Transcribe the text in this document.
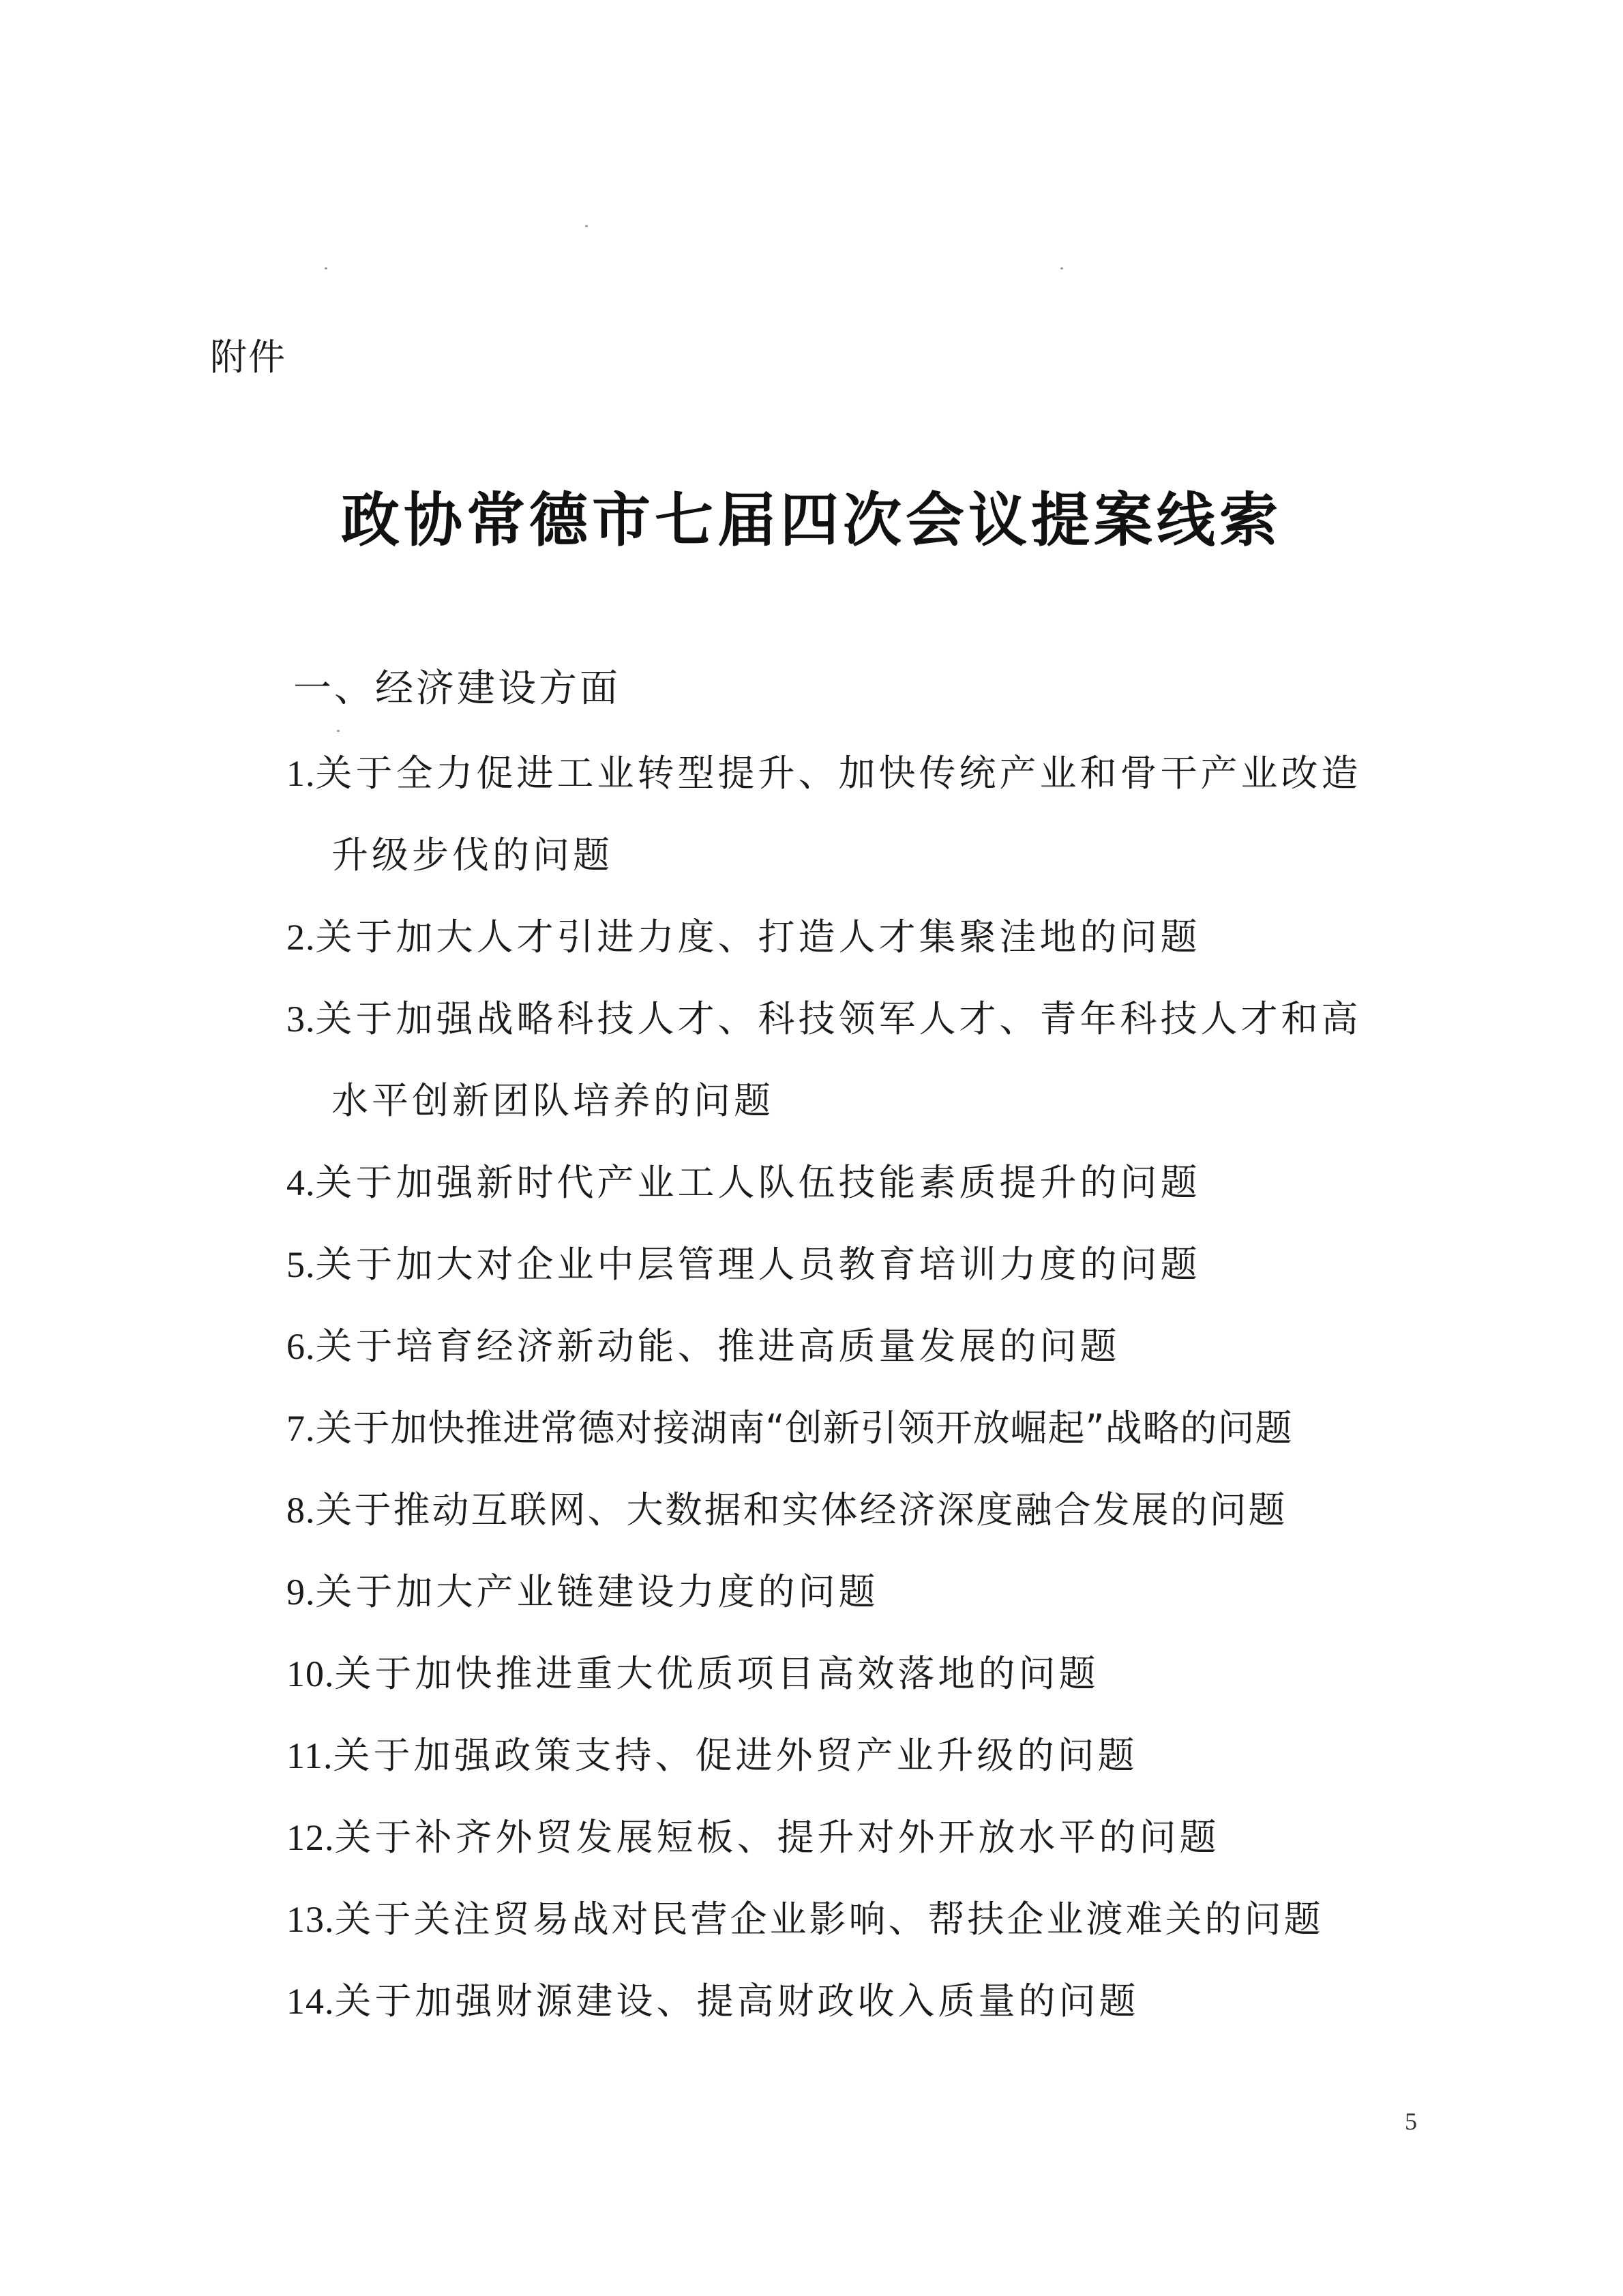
附件
政协常德市七届四次会议提案线索
一、经济建设方面
1.关于全力促进工业转型提升、加快传统产业和骨干产业改造
升级步伐的问题
2.关于加大人才引进力度、打造人才集聚洼地的问题
3.关于加强战略科技人才、科技领军人才、青年科技人才和高
水平创新团队培养的问题
4.关于加强新时代产业工人队伍技能素质提升的问题
5.关于加大对企业中层管理人员教育培训力度的问题
6.关于培育经济新动能、推进高质量发展的问题
7.关于加快推进常德对接湖南“创新引领开放崛起”战略的问题
8.关于推动互联网、大数据和实体经济深度融合发展的问题
9.关于加大产业链建设力度的问题
10.关于加快推进重大优质项目高效落地的问题
11.关于加强政策支持、促进外贸产业升级的问题
12.关于补齐外贸发展短板、提升对外开放水平的问题
13.关于关注贸易战对民营企业影响、帮扶企业渡难关的问题
14.关于加强财源建设、提高财政收入质量的问题
5
